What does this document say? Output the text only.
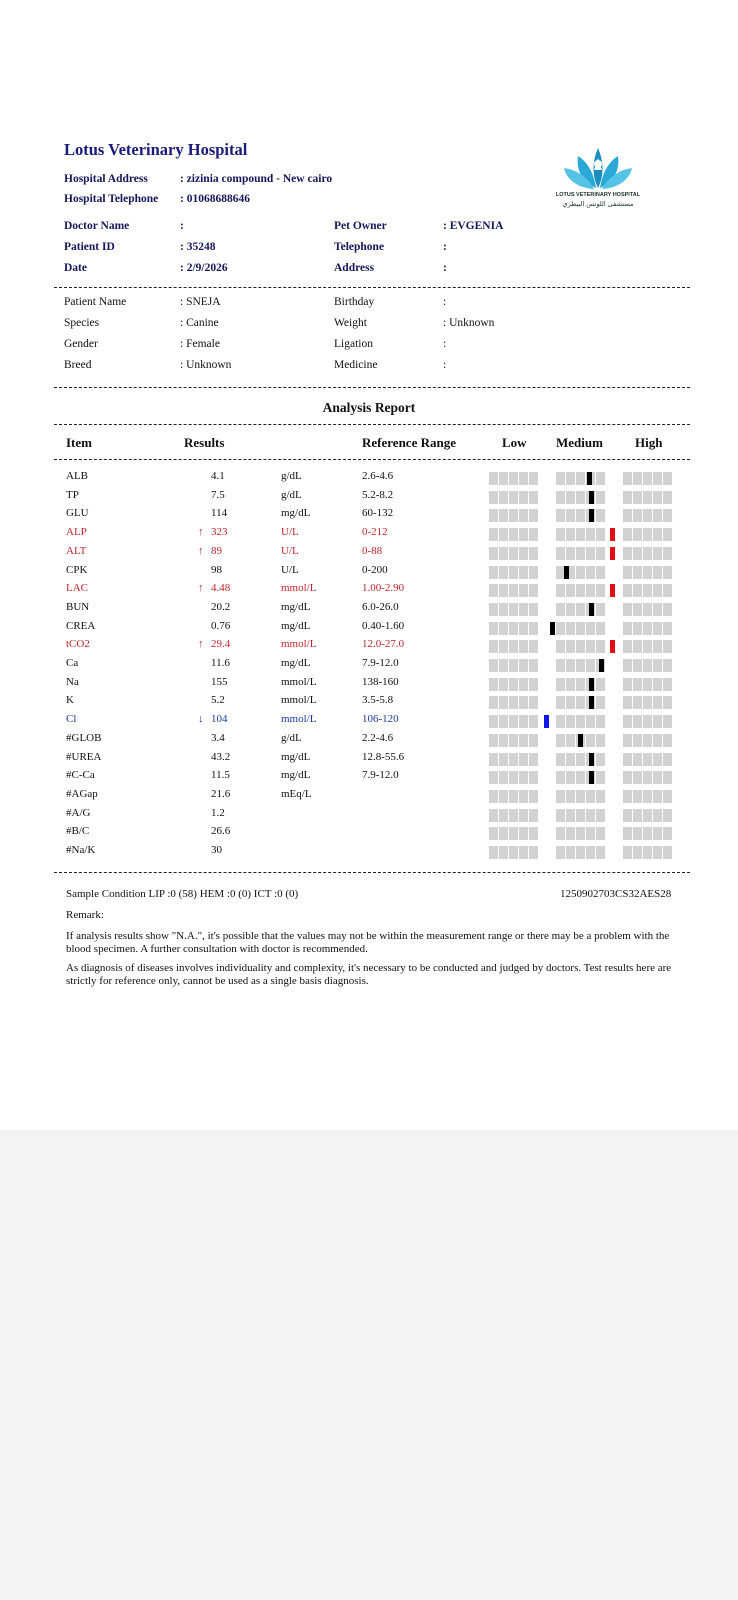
Lotus Veterinary Hospital
Hospital Address	: zizinia compound - New cairo
Hospital Telephone : 01068688646	LOTUS VETERINARY HOSPITAL
مستشفى اللوتس البيطري
Doctor Name	:
Patient ID	: 35248
Date	: 2/9/2026
Pet Owner	: EVGENIA
Telephone	:
Address	:
Patient Name	: SNEJA
Species	: Canine
Gender	: Female
Breed	: Unknown
Birthday	:
Weight	: Unknown
Ligation	:
Medicine	:
Analysis Report
Item	Results	Reference Range	Low Medium High
ALB	4.1	g/dL	2.6-4.6
TP	7.5	g/dL	5.2-8.2
GLU	114	mg/dL	60-132
ALP	↑ 323	U/L	0-212
ALT	↑ 89	U/L	0-88
CPK	98	U/L	0-200
LAC	↑ 4.48	mmol/L	1.00-2.90
BUN	20.2	mg/dL	6.0-26.0
CREA	0.76	mg/dL	0.40-1.60
tCO2	↑ 29.4	mmol/L	12.0-27.0
Ca	11.6	mg/dL	7.9-12.0
Na	155	mmol/L	138-160
K	5.2	mmol/L	3.5-5.8
Cl	↓ 104	mmol/L	106-120
#GLOB	3.4	g/dL	2.2-4.6
#UREA	43.2	mg/dL	12.8-55.6
#C-Ca	11.5	mg/dL	7.9-12.0
#AGap	21.6	mEq/L
#A/G	1.2
#B/C	26.6
#Na/K	30
Sample Condition LIP :0 (58) HEM :0 (0) ICT :0 (0)	1250902703CS32AES28
Remark:
If analysis results show "N.A.", it's possible that the values may not be within the measurement range or there may be a problem with the blood specimen. A further consultation with doctor is recommended.
As diagnosis of diseases involves individuality and complexity, it's necessary to be conducted and judged by doctors. Test results here are strictly for reference only, cannot be used as a single basis diagnosis.
